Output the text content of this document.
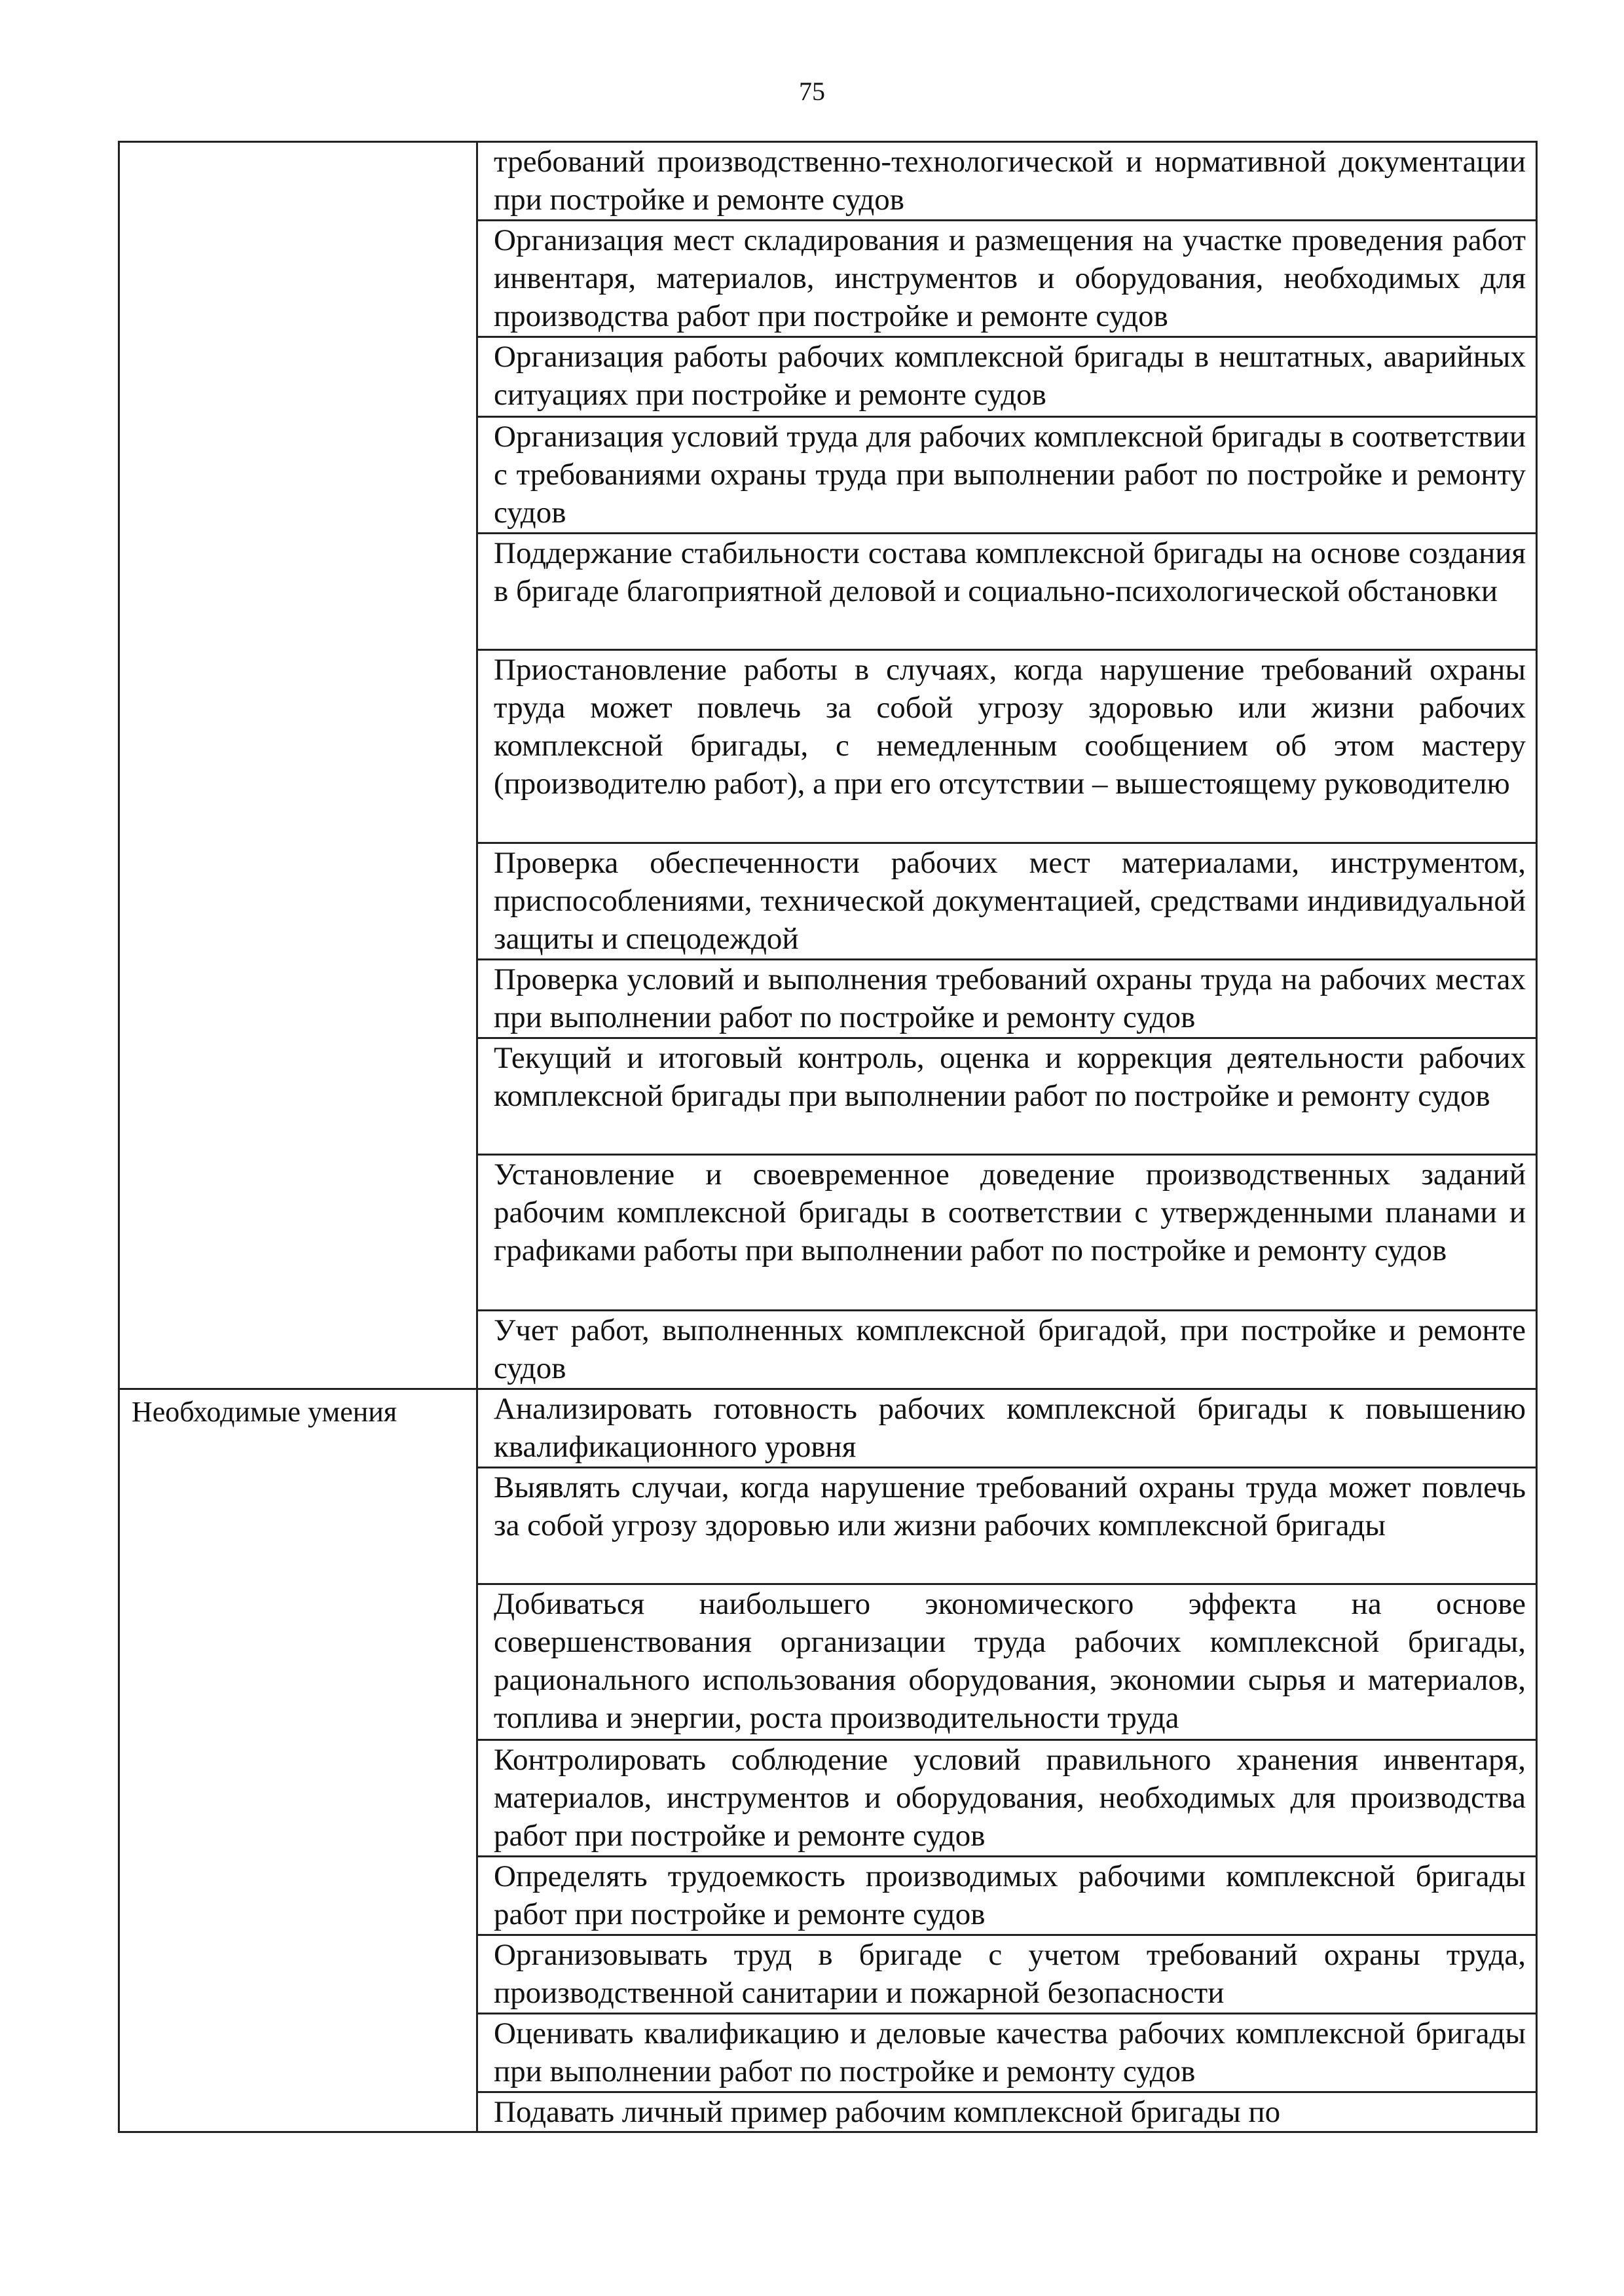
75

	требований производственно-технологической и нормативной документации при постройке и ремонте судов

	Организация мест складирования и размещения на участке проведения работ инвентаря, материалов, инструментов и оборудования, необходимых для производства работ при постройке и ремонте судов

	Организация работы рабочих комплексной бригады в нештатных, аварийных ситуациях при постройке и ремонте судов

	Организация условий труда для рабочих комплексной бригады в соответствии с требованиями охраны труда при выполнении работ по постройке и ремонту судов

	Поддержание стабильности состава комплексной бригады на основе создания в бригаде благоприятной деловой и социально-психологической обстановки

	Приостановление работы в случаях, когда нарушение требований охраны труда может повлечь за собой угрозу здоровью или жизни рабочих комплексной бригады, с немедленным сообщением об этом мастеру (производителю работ), а при его отсутствии – вышестоящему руководителю

	Проверка обеспеченности рабочих мест материалами, инструментом, приспособлениями, технической документацией, средствами индивидуальной защиты и спецодеждой

	Проверка условий и выполнения требований охраны труда на рабочих местах при выполнении работ по постройке и ремонту судов

	Текущий и итоговый контроль, оценка и коррекция деятельности рабочих комплексной бригады при выполнении работ по постройке и ремонту судов

	Установление и своевременное доведение производственных заданий рабочим комплексной бригады в соответствии с утвержденными планами и графиками работы при выполнении работ по постройке и ремонту судов

	Учет работ, выполненных комплексной бригадой, при постройке и ремонте судов

Необходимые умения	Анализировать готовность рабочих комплексной бригады к повышению квалификационного уровня

	Выявлять случаи, когда нарушение требований охраны труда может повлечь за собой угрозу здоровью или жизни рабочих комплексной бригады

	Добиваться наибольшего экономического эффекта на основе совершенствования организации труда рабочих комплексной бригады, рационального использования оборудования, экономии сырья и материалов, топлива и энергии, роста производительности труда

	Контролировать соблюдение условий правильного хранения инвентаря, материалов, инструментов и оборудования, необходимых для производства работ при постройке и ремонте судов

	Определять трудоемкость производимых рабочими комплексной бригады работ при постройке и ремонте судов

	Организовывать труд в бригаде с учетом требований охраны труда, производственной санитарии и пожарной безопасности

	Оценивать квалификацию и деловые качества рабочих комплексной бригады при выполнении работ по постройке и ремонту судов

	Подавать личный пример рабочим комплексной бригады по
